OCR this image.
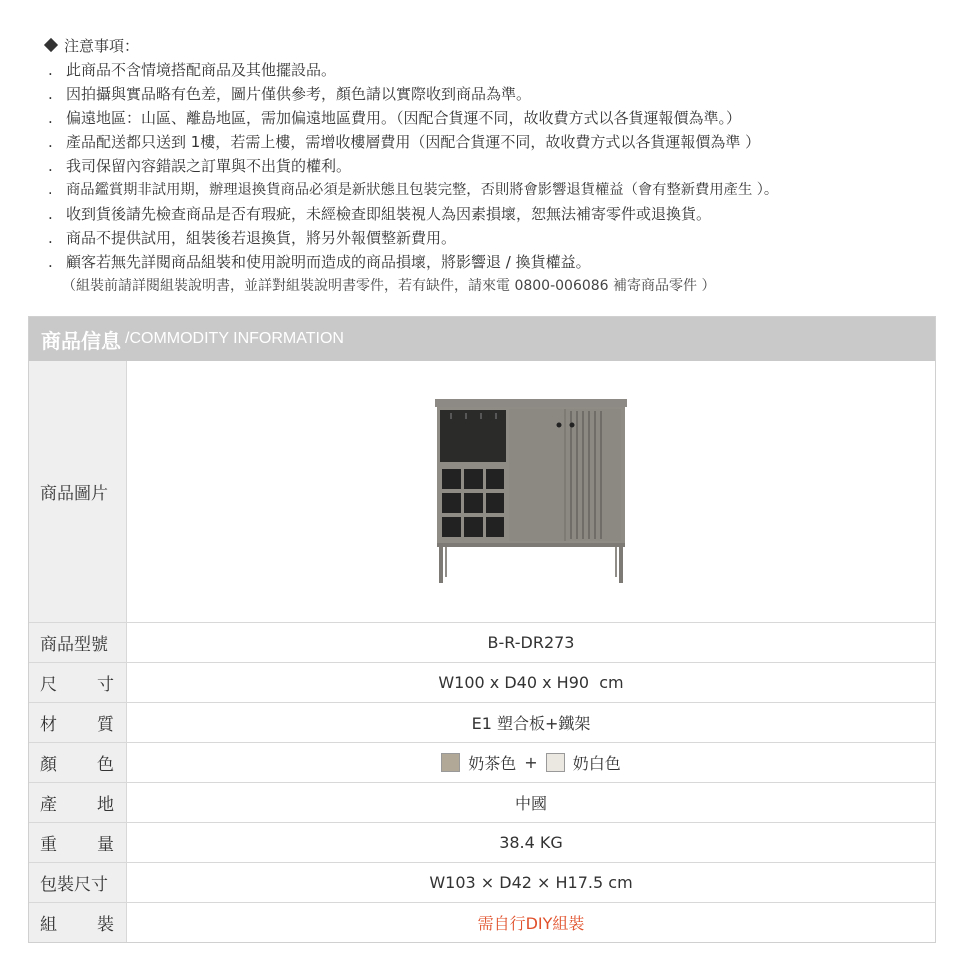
注意事項：
. 此商品不含情境搭配商品及其他擺設品。
. 因拍攝與實品略有色差，圖片僅供參考，顏色請以實際收到商品為準。
. 偏遠地區：山區、離島地區，需加偏遠地區費用。（因配合貨運不同，故收費方式以各貨運報價為準。）
. 產品配送都只送到 1樓，若需上樓，需增收樓層費用（因配合貨運不同，故收費方式以各貨運報價為準 ）
. 我司保留內容錯誤之訂單與不出貨的權利。
. 商品鑑賞期非試用期，辦理退換貨商品必須是新狀態且包裝完整，否則將會影響退貨權益（會有整新費用產生 ）。
. 收到貨後請先檢查商品是否有瑕疵，未經檢查即組裝視人為因素損壞，恕無法補寄零件或退換貨。
. 商品不提供試用，組裝後若退換貨，將另外報價整新費用。
. 顧客若無先詳閱商品組裝和使用說明而造成的商品損壞，將影響退 / 換貨權益。
（組裝前請詳閱組裝說明書，並詳對組裝說明書零件，若有缺件，請來電 0800-006086 補寄商品零件 ）
商品信息 /COMMODITY INFORMATION
商品圖片
商品型號	B-R-DR273
尺 寸	W100 x D40 x H90  cm
材 質	E1 塑合板+鐵架
顏 色	奶茶色 + 奶白色
產 地	中國
重 量	38.4 KG
包裝尺寸	W103 × D42 × H17.5 cm
組 裝	需自行DIY組裝
